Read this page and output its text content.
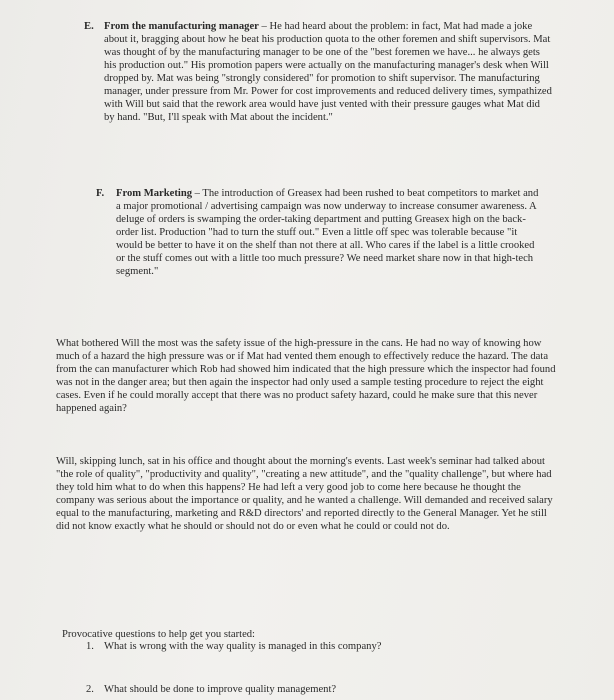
E. From the manufacturing manager – He had heard about the problem: in fact, Mat had made a joke about it, bragging about how he beat his production quota to the other foremen and shift supervisors. Mat was thought of by the manufacturing manager to be one of the "best foremen we have... he always gets his production out." His promotion papers were actually on the manufacturing manager's desk when Will dropped by. Mat was being "strongly considered" for promotion to shift supervisor. The manufacturing manager, under pressure from Mr. Power for cost improvements and reduced delivery times, sympathized with Will but said that the rework area would have just vented with their pressure gauges what Mat did by hand. "But, I'll speak with Mat about the incident."

F.	From Marketing – The introduction of Greasex had been rushed to beat competitors to market and a major promotional / advertising campaign was now underway to increase consumer awareness. A deluge of orders is swamping the order-taking department and putting Greasex high on the back-order list. Production "had to turn the stuff out." Even a little off spec was tolerable because "it would be better to have it on the shelf than not there at all. Who cares if the label is a little crooked or the stuff comes out with a little too much pressure? We need market share now in that high-tech segment."

What bothered Will the most was the safety issue of the high-pressure in the cans. He had no way of knowing how much of a hazard the high pressure was or if Mat had vented them enough to effectively reduce the hazard. The data from the can manufacturer which Rob had showed him indicated that the high pressure which the inspector had found was not in the danger area; but then again the inspector had only used a sample testing procedure to reject the eight cases. Even if he could morally accept that there was no product safety hazard, could he make sure that this never happened again?

Will, skipping lunch, sat in his office and thought about the morning's events. Last week's seminar had talked about "the role of quality", "productivity and quality", "creating a new attitude", and the "quality challenge", but where had they told him what to do when this happens? He had left a very good job to come here because he thought the company was serious about the importance or quality, and he wanted a challenge. Will demanded and received salary equal to the manufacturing, marketing and R&D directors' and reported directly to the General Manager. Yet he still did not know exactly what he should or should not do or even what he could or could not do.

Provocative questions to help get you started:

1. What is wrong with the way quality is managed in this company?
2. What should be done to improve quality management?
